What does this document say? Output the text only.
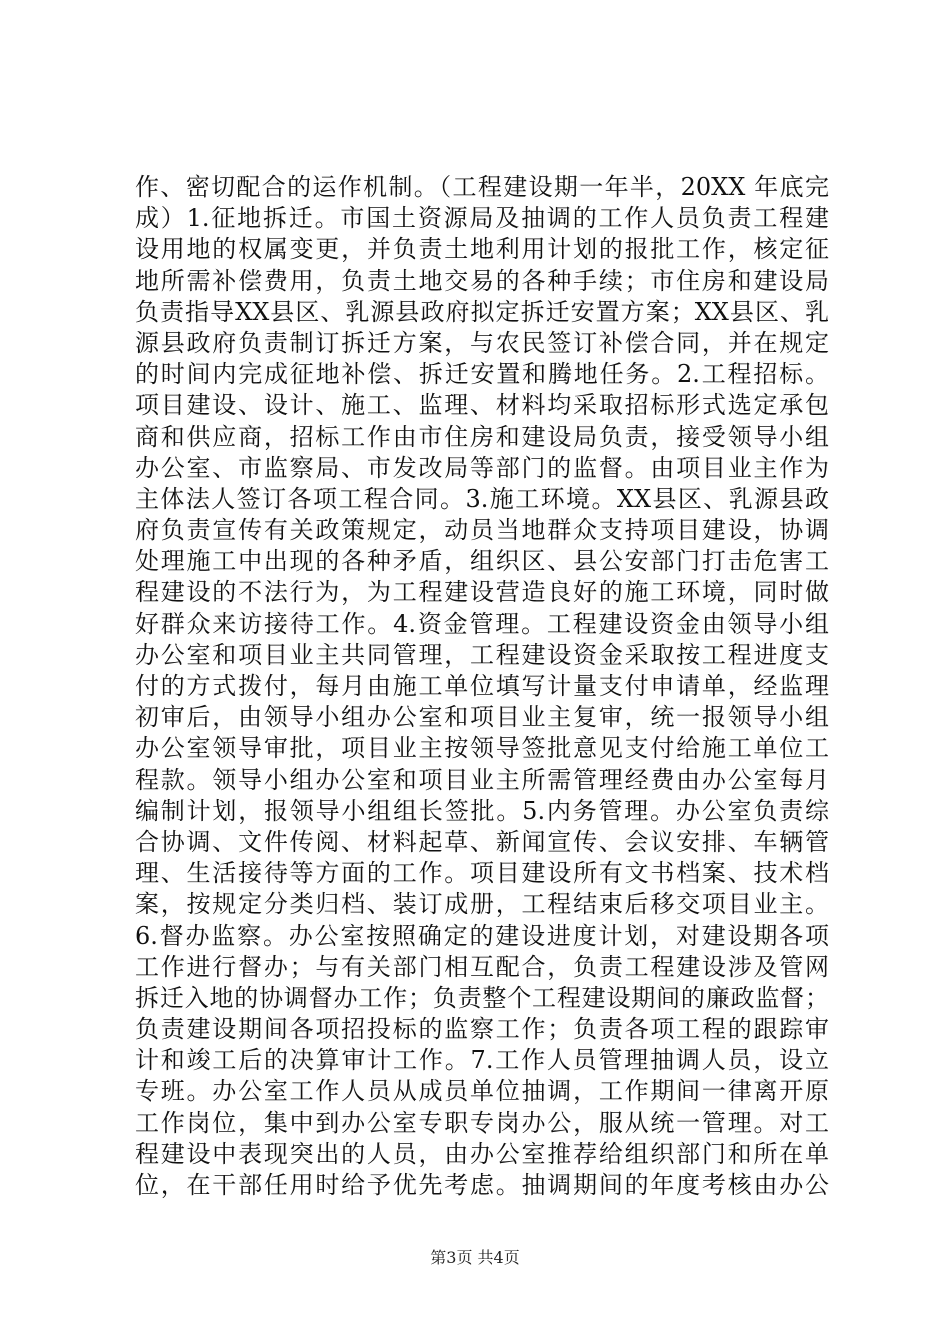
作、密切配合的运作机制。（工程建设期一年半，20XX 年底完
成）1.征地拆迁。市国土资源局及抽调的工作人员负责工程建
设用地的权属变更，并负责土地利用计划的报批工作，核定征
地所需补偿费用，负责土地交易的各种手续；市住房和建设局
负责指导XX县区、乳源县政府拟定拆迁安置方案；XX县区、乳
源县政府负责制订拆迁方案，与农民签订补偿合同，并在规定
的时间内完成征地补偿、拆迁安置和腾地任务。2.工程招标。
项目建设、设计、施工、监理、材料均采取招标形式选定承包
商和供应商，招标工作由市住房和建设局负责，接受领导小组
办公室、市监察局、市发改局等部门的监督。由项目业主作为
主体法人签订各项工程合同。3.施工环境。XX县区、乳源县政
府负责宣传有关政策规定，动员当地群众支持项目建设，协调
处理施工中出现的各种矛盾，组织区、县公安部门打击危害工
程建设的不法行为，为工程建设营造良好的施工环境，同时做
好群众来访接待工作。4.资金管理。工程建设资金由领导小组
办公室和项目业主共同管理，工程建设资金采取按工程进度支
付的方式拨付，每月由施工单位填写计量支付申请单，经监理
初审后，由领导小组办公室和项目业主复审，统一报领导小组
办公室领导审批，项目业主按领导签批意见支付给施工单位工
程款。领导小组办公室和项目业主所需管理经费由办公室每月
编制计划，报领导小组组长签批。5.内务管理。办公室负责综
合协调、文件传阅、材料起草、新闻宣传、会议安排、车辆管
理、生活接待等方面的工作。项目建设所有文书档案、技术档
案，按规定分类归档、装订成册，工程结束后移交项目业主。
6.督办监察。办公室按照确定的建设进度计划，对建设期各项
工作进行督办；与有关部门相互配合，负责工程建设涉及管网
拆迁入地的协调督办工作；负责整个工程建设期间的廉政监督；
负责建设期间各项招投标的监察工作；负责各项工程的跟踪审
计和竣工后的决算审计工作。7.工作人员管理抽调人员，设立
专班。办公室工作人员从成员单位抽调，工作期间一律离开原
工作岗位，集中到办公室专职专岗办公，服从统一管理。对工
程建设中表现突出的人员，由办公室推荐给组织部门和所在单
位，在干部任用时给予优先考虑。抽调期间的年度考核由办公
第3页 共4页
